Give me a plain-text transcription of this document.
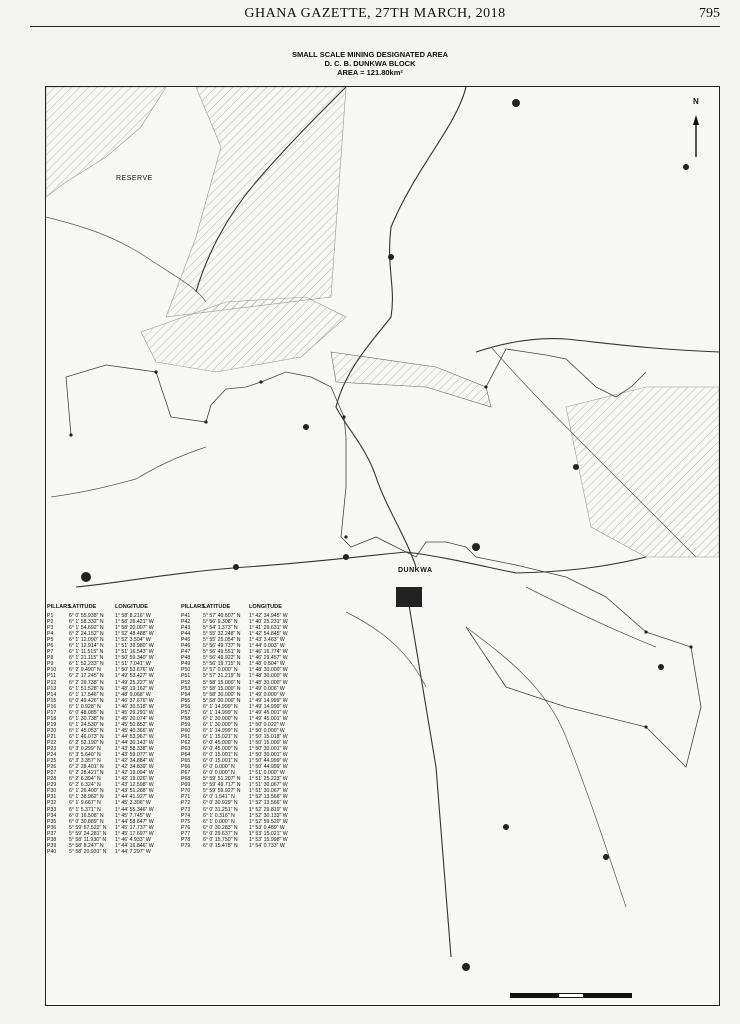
GHANA GAZETTE, 27TH MARCH, 2018	795
SMALL SCALE MINING DESIGNATED AREA
D. C. B. DUNKWA BLOCK
AREA = 121.80km²
N
RESERVE
DUNKWA
PILLARS
LATITUDE	LONGITUDE
P1	6° 0' 55.938" N	1° 58' 8.216" W
P2	6° 1' 58.332" N	1° 58' 26.421" W
P3	6° 1' 54.692" N	1° 58' 20.007" W
P4	6° 2' 24.152" N	1° 52' 48.488" W
P5	6° 1' 12.090" N	1° 52' 3.504" W
P6	6° 1' 12.914" N	1° 51' 39.980" W
P7	6° 1' 11.515" N	1° 51' 16.543" W
P8	6° 1' 21.115" N	1° 50' 59.340" W
P9	6° 1' 52.233" N	1° 51' 7.041" W
P10	6° 2' 9.490" N	1° 50' 53.676" W
P11	6° 2' 17.245" N	1° 49' 53.427" W
P12	6° 2' 29.738" N	1° 49' 25.227" W
P13	6° 1' 51.528" N	1° 48' 19.162" W
P14	6° 1' 17.546" N	1° 48' 9.068" W
P15	6° 0' 49.426" N	1° 46' 37.676" W
P16	6° 1' 0.928" N	1° 46' 30.518" W
P17	6° 0' 48.085" N	1° 45' 29.291" W
P18	6° 1' 30.738" N	1° 45' 20.074" W
P19	6° 1' 24.530" N	1° 45' 50.852" W
P20	6° 1' 45.053" N	1° 45' 40.366" W
P21	6° 1' 46.073" N	1° 44' 53.967" W
P22	6° 2' 52.190" N	1° 44' 30.143" W
P23	6° 3' 0.299" N	1° 43' 58.338" W
P24	6° 3' 5.640" N	1° 43' 59.077" W
P25	6° 3' 3.357" N	1° 42' 34.884" W
P26	6° 2' 28.401" N	1° 42' 34.839" W
P27	6° 2' 28.421" N	1° 42' 19.094" W
P28	6° 2' 6.394" N	1° 42' 19.026" W
P29	6° 2' 6.324" N	1° 43' 12.598" W
P30	6° 1' 26.400" N	1° 43' 51.288" W
P31	6° 1' 38.962" N	1° 44' 41.927" W
P32	6° 1' 9.667" N	1° 45' 3.396" W
P33	6° 1' 5.371" N	1° 44' 55.346" W
P34	6° 0' 16.508" N	1° 45' 7.745" W
P35	6° 0' 30.889" N	1° 44' 58.647" W
P36	5° 59' 57.522" N	1° 45' 17.737" W
P37	5° 59' 24.281" N	1° 45' 17.697" W
P38	5° 58' 11.930" N	1° 46' 4.933" W
P39	5° 58' 8.247" N	1° 44' 16.846" W
P40	5° 58' 20.931" N	1° 44' 7.297" W
PILLARS
LATITUDE	LONGITUDE
P41	5° 57' 40.607" N	1° 42' 34.945" W
P42	5° 56' 9.308" N	1° 40' 25.231" W
P43	5° 54' 1.373" N	1° 41' 29.631" W
P44	5° 55' 32.248" N	1° 42' 54.845" W
P45	5° 55' 25.054" N	1° 43' 3.463" W
P46	5° 56' 49.737" N	1° 44' 0.003" W
P47	5° 56' 49.551" N	1° 46' 16.774" W
P48	5° 56' 49.922" N	1° 46' 29.457" W
P49	5° 56' 19.715" N	1° 48' 0.504" W
P50	5° 57' 0.000" N	1° 48' 30.000" W
P51	5° 57' 31.219" N	1° 48' 30.000" W
P52	5° 58' 15.000" N	1° 48' 30.000" W
P53	5° 58' 15.000" N	1° 49' 0.006" W
P54	5° 58' 30.000" N	1° 49' 0.000" W
P55	5° 58' 30.000" N	1° 49' 14.999" W
P56	6° 1' 14.999" N	1° 49' 14.999" W
P57	6° 1' 14.999" N	1° 49' 45.001" W
P58	6° 1' 30.000" N	1° 49' 45.001" W
P59	6° 1' 30.000" N	1° 50' 0.022" W
P60	6° 1' 14.999" N	1° 50' 0.000" W
P61	6° 1' 15.021" N	1° 50' 15.018" W
P62	6° 0' 45.000" N	1° 50' 15.000" W
P63	6° 0' 45.000" N	1° 50' 30.001" W
P64	6° 0' 15.001" N	1° 50' 30.001" W
P65	6° 0' 15.001" N	1° 50' 44.999" W
P66	6° 0' 0.000" N	1° 50' 44.999" W
P67	6° 0' 0.000" N	1° 51' 0.000" W
P68	5° 59' 51.207" N	1° 51' 25.223" W
P69	5° 59' 49.717" N	1° 51' 30.067" W
P70	5° 59' 59.927" N	1° 51' 30.067" W
P71	6° 0' 1.541" N	1° 52' 13.566" W
P72	6° 0' 30.929" N	1° 52' 13.566" W
P73	6° 0' 31.251" N	1° 52' 29.819" W
P74	6° 1' 0.316" N	1° 52' 30.133" W
P75	6° 1' 0.000" N	1° 52' 59.520" W
P76	6° 0' 30.283" N	1° 53' 0.489" W
P77	6° 0' 29.637" N	1° 53' 15.021" W
P78	6° 0' 15.750" N	1° 53' 15.998" W
P79	6° 0' 15.478" N	1° 54' 0.733" W
